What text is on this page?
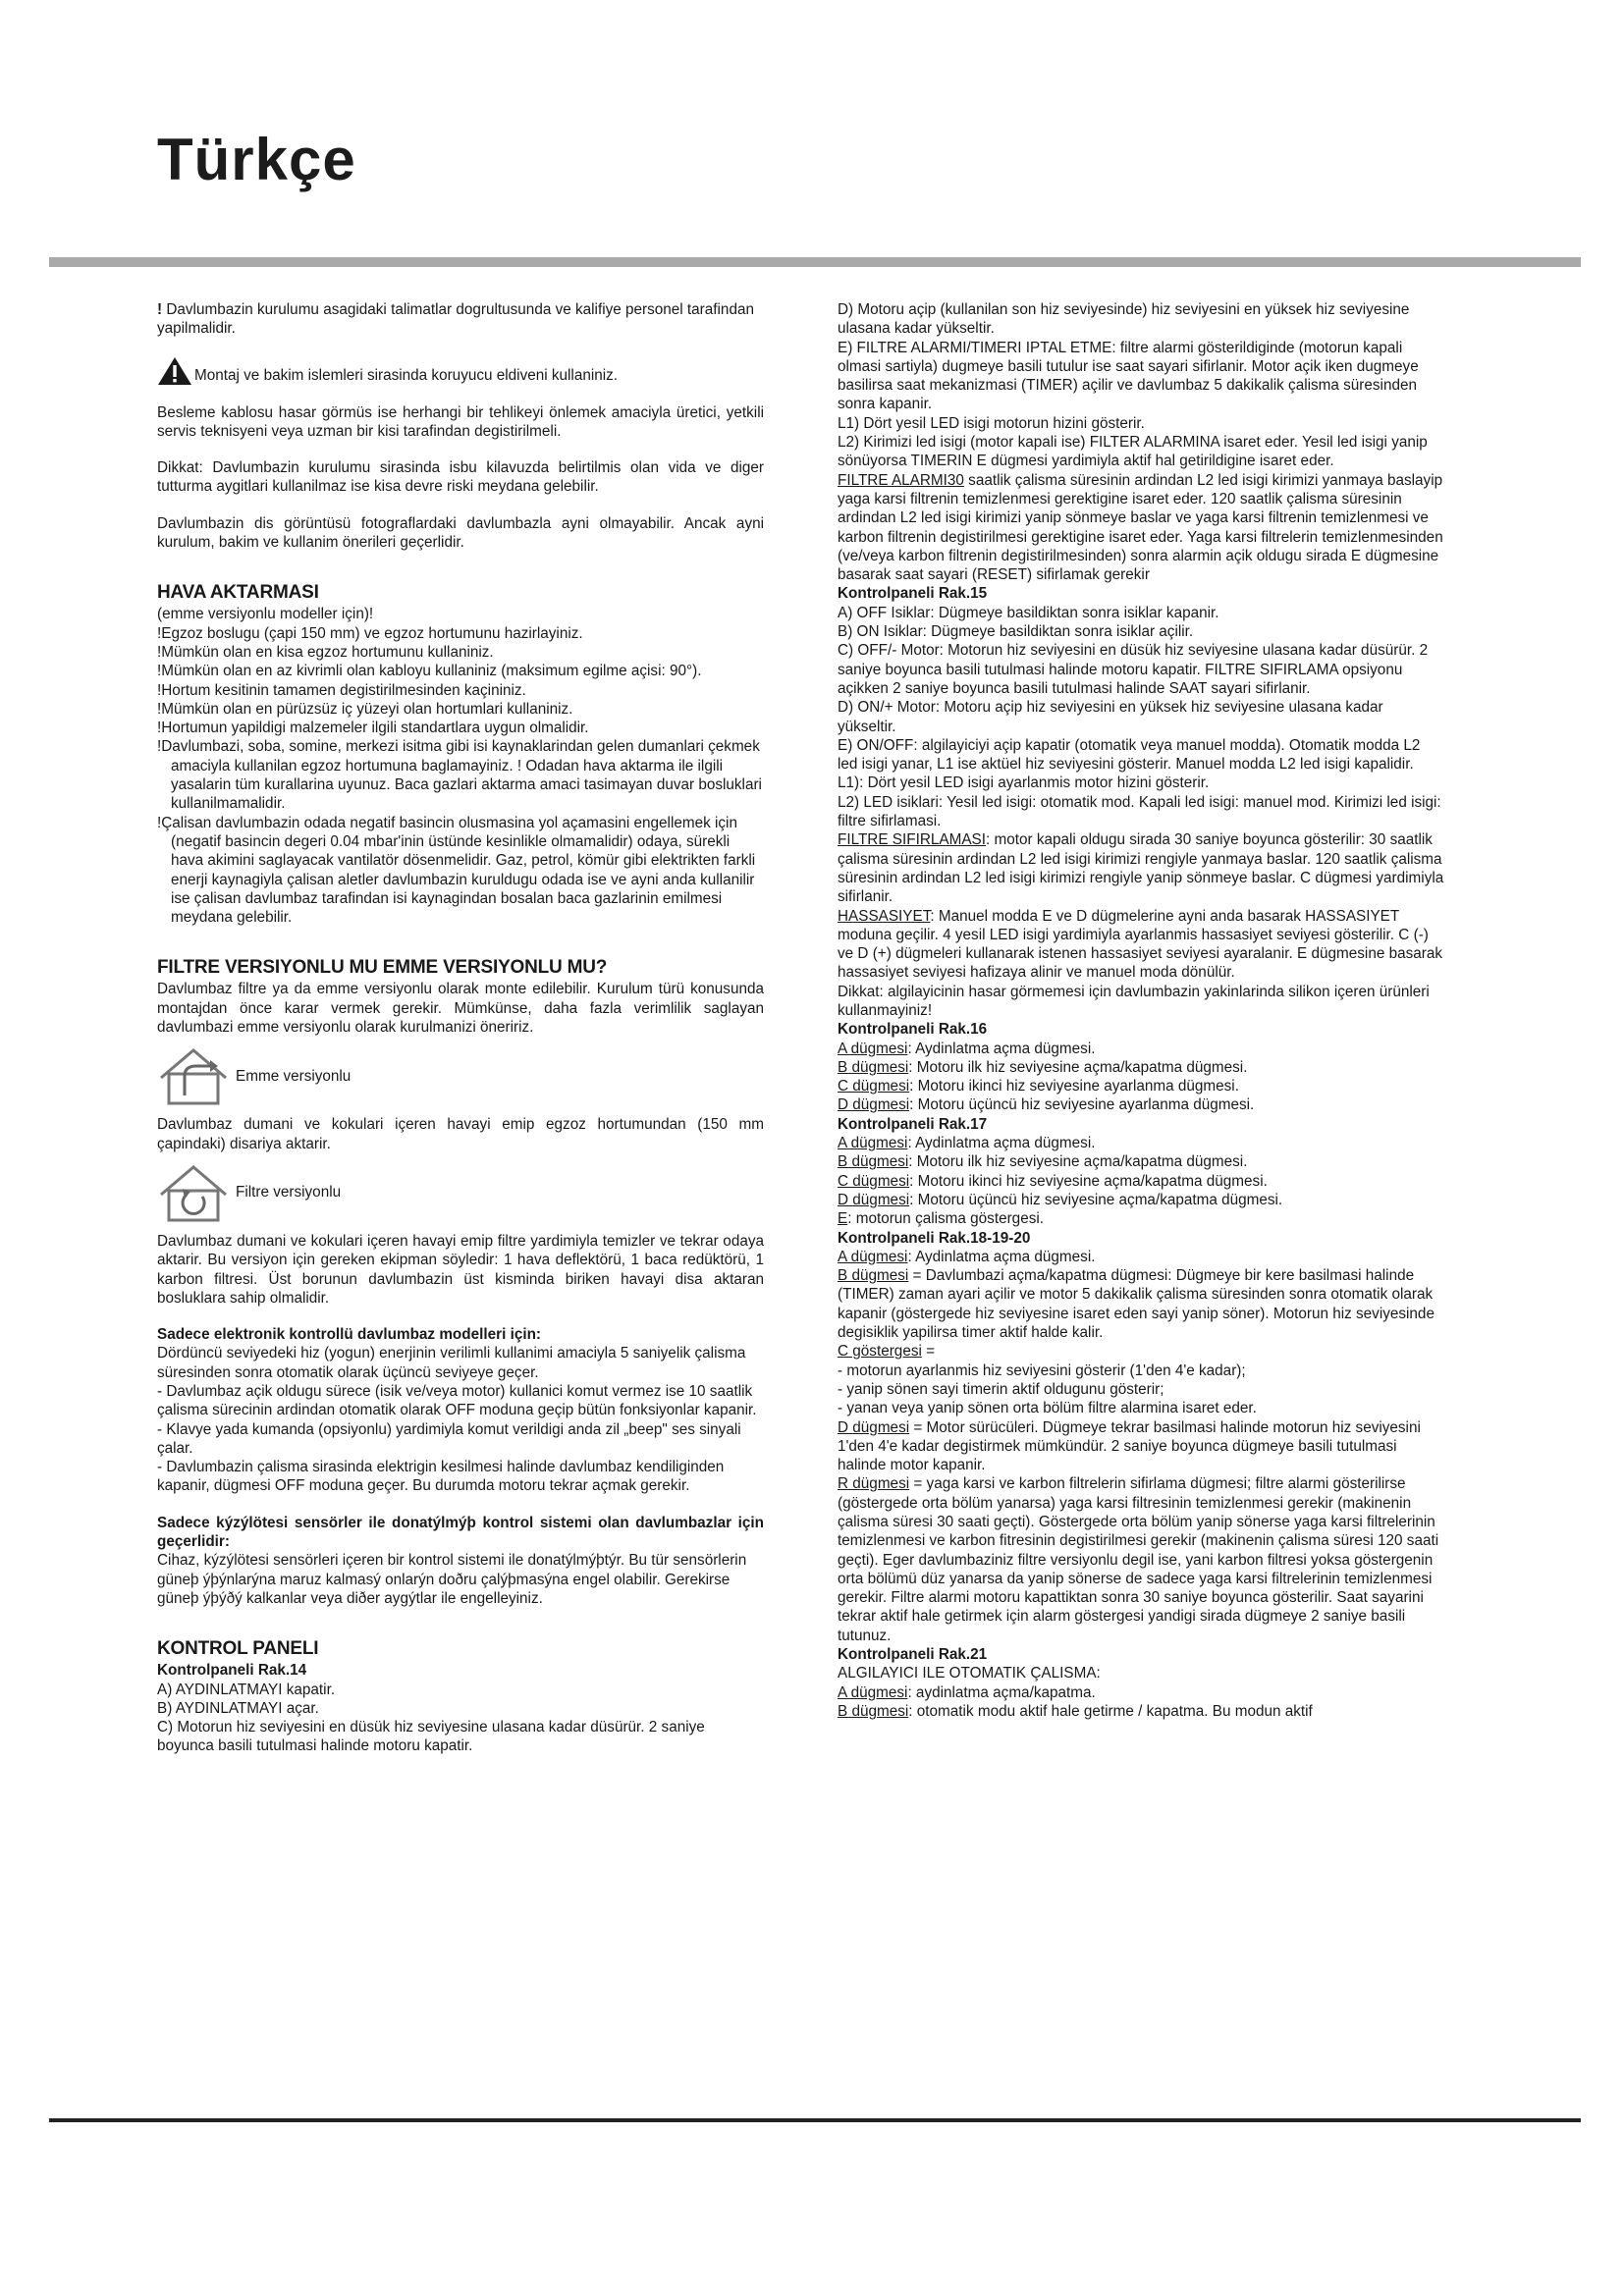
Türkçe

! Davlumbazin kurulumu asagidaki talimatlar dogrultusunda ve kalifiye personel tarafindan yapilmalidir.

Montaj ve bakim islemleri sirasinda koruyucu eldiveni kullaniniz.

Besleme kablosu hasar görmüs ise herhangi bir tehlikeyi önlemek amaciyla üretici, yetkili servis teknisyeni veya uzman bir kisi tarafindan degistirilmeli.

Dikkat: Davlumbazin kurulumu sirasinda isbu kilavuzda belirtilmis olan vida ve diger tutturma aygitlari kullanilmaz ise kisa devre riski meydana gelebilir.

Davlumbazin dis görüntüsü fotograflardaki davlumbazla ayni olmayabilir. Ancak ayni kurulum, bakim ve kullanim önerileri geçerlidir.

HAVA AKTARMASI

(emme versiyonlu modeller için)!

!Egzoz boslugu (çapi 150 mm) ve egzoz hortumunu hazirlayiniz.

!Mümkün olan en kisa egzoz hortumunu kullaniniz.

!Mümkün olan en az kivrimli olan kabloyu kullaniniz (maksimum egilme açisi: 90°).

!Hortum kesitinin tamamen degistirilmesinden kaçininiz.

!Mümkün olan en pürüzsüz iç yüzeyi olan hortumlari kullaniniz.

!Hortumun yapildigi malzemeler ilgili standartlara uygun olmalidir.

!Davlumbazi, soba, somine, merkezi isitma gibi isi kaynaklarindan gelen dumanlari çekmek amaciyla kullanilan egzoz hortumuna baglamayiniz. ! Odadan hava aktarma ile ilgili yasalarin tüm kurallarina uyunuz. Baca gazlari aktarma amaci tasimayan duvar bosluklari kullanilmamalidir.

!Çalisan davlumbazin odada negatif basincin olusmasina yol açamasini engellemek için (negatif basincin degeri 0.04 mbar'inin üstünde kesinlikle olmamalidir) odaya, sürekli hava akimini saglayacak vantilatör dösenmelidir. Gaz, petrol, kömür gibi elektrikten farkli enerji kaynagiyla çalisan aletler davlumbazin kuruldugu odada ise ve ayni anda kullanilir ise çalisan davlumbaz tarafindan isi kaynagindan bosalan baca gazlarinin emilmesi meydana gelebilir.

FILTRE VERSIYONLU MU EMME VERSIYONLU MU?

Davlumbaz filtre ya da emme versiyonlu olarak monte edilebilir. Kurulum türü konusunda montajdan önce karar vermek gerekir. Mümkünse, daha fazla verimlilik saglayan davlumbazi emme versiyonlu olarak kurulmanizi öneririz.

Emme versiyonlu

Davlumbaz dumani ve kokulari içeren havayi emip egzoz hortumundan (150 mm çapindaki) disariya aktarir.

Filtre versiyonlu

Davlumbaz dumani ve kokulari içeren havayi emip filtre yardimiyla temizler ve tekrar odaya aktarir. Bu versiyon için gereken ekipman söyledir: 1 hava deflektörü, 1 baca redüktörü, 1 karbon filtresi. Üst borunun davlumbazin üst kisminda biriken havayi disa aktaran bosluklara sahip olmalidir.

Sadece elektronik kontrollü davlumbaz modelleri için:

Dördüncü seviyedeki hiz (yogun) enerjinin verilimli kullanimi amaciyla 5 saniyelik çalisma süresinden sonra otomatik olarak üçüncü seviyeye geçer.

- Davlumbaz açik oldugu sürece (isik ve/veya motor) kullanici komut vermez ise 10 saatlik çalisma sürecinin ardindan otomatik olarak OFF moduna geçip bütün fonksiyonlar kapanir.

- Klavye yada kumanda (opsiyonlu) yardimiyla komut verildigi anda zil „beep" ses sinyali çalar.

- Davlumbazin çalisma sirasinda elektrigin kesilmesi halinde davlumbaz kendiliginden kapanir, dügmesi OFF moduna geçer. Bu durumda motoru tekrar açmak gerekir.

Sadece kýzýlötesi sensörler ile donatýlmýþ kontrol sistemi olan davlumbazlar için geçerlidir:

Cihaz, kýzýlötesi sensörleri içeren bir kontrol sistemi ile donatýlmýþtýr. Bu tür sensörlerin güneþ ýþýnlarýna maruz kalmasý onlarýn doðru çalýþmasýna engel olabilir. Gerekirse güneþ ýþýðý kalkanlar veya diðer aygýtlar ile engelleyiniz.

KONTROL PANELI

Kontrolpaneli Rak.14

A) AYDINLATMAYI kapatir.

B) AYDINLATMAYI açar.

C) Motorun hiz seviyesini en düsük hiz seviyesine ulasana kadar düsürür. 2 saniye boyunca basili tutulmasi halinde motoru kapatir.

D) Motoru açip (kullanilan son hiz seviyesinde) hiz seviyesini en yüksek hiz seviyesine ulasana kadar yükseltir.

E) FILTRE ALARMI/TIMERI IPTAL ETME: filtre alarmi gösterildiginde (motorun kapali olmasi sartiyla) dugmeye basili tutulur ise saat sayari sifirlanir. Motor açik iken dugmeye basilirsa saat mekanizmasi (TIMER) açilir ve davlumbaz 5 dakikalik çalisma süresinden sonra kapanir.

L1) Dört yesil LED isigi motorun hizini gösterir.

L2) Kirimizi led isigi (motor kapali ise) FILTER ALARMINA isaret eder. Yesil led isigi yanip sönüyorsa TIMERIN E dügmesi yardimiyla aktif hal getirildigine isaret eder.

FILTRE ALARMI30 saatlik çalisma süresinin ardindan L2 led isigi kirimizi yanmaya baslayip yaga karsi filtrenin temizlenmesi gerektigine isaret eder. 120 saatlik çalisma süresinin ardindan L2 led isigi kirimizi yanip sönmeye baslar ve yaga karsi filtrenin temizlenmesi ve karbon filtrenin degistirilmesi gerektigine isaret eder. Yaga karsi filtrelerin temizlenmesinden (ve/veya karbon filtrenin degistirilmesinden) sonra alarmin açik oldugu sirada E dügmesine basarak saat sayari (RESET) sifirlamak gerekir

Kontrolpaneli Rak.15

A) OFF Isiklar: Dügmeye basildiktan sonra isiklar kapanir.

B) ON Isiklar: Dügmeye basildiktan sonra isiklar açilir.

C) OFF/- Motor: Motorun hiz seviyesini en düsük hiz seviyesine ulasana kadar düsürür. 2 saniye boyunca basili tutulmasi halinde motoru kapatir. FILTRE SIFIRLAMA opsiyonu açikken 2 saniye boyunca basili tutulmasi halinde SAAT sayari sifirlanir.

D) ON/+ Motor: Motoru açip hiz seviyesini en yüksek hiz seviyesine ulasana kadar yükseltir.

E) ON/OFF: algilayiciyi açip kapatir (otomatik veya manuel modda). Otomatik modda L2 led isigi yanar, L1 ise aktüel hiz seviyesini gösterir. Manuel modda L2 led isigi kapalidir.

L1): Dört yesil LED isigi ayarlanmis motor hizini gösterir.

L2) LED isiklari: Yesil led isigi: otomatik mod. Kapali led isigi: manuel mod. Kirimizi led isigi: filtre sifirlamasi.

FILTRE SIFIRLAMASI: motor kapali oldugu sirada 30 saniye boyunca gösterilir: 30 saatlik çalisma süresinin ardindan L2 led isigi kirimizi rengiyle yanmaya baslar. 120 saatlik çalisma süresinin ardindan L2 led isigi kirimizi rengiyle yanip sönmeye baslar. C dügmesi yardimiyla sifirlanir.

HASSASIYET: Manuel modda E ve D dügmelerine ayni anda basarak HASSASIYET moduna geçilir. 4 yesil LED isigi yardimiyla ayarlanmis hassasiyet seviyesi gösterilir. C (-) ve D (+) dügmeleri kullanarak istenen hassasiyet seviyesi ayaralanir. E dügmesine basarak hassasiyet seviyesi hafizaya alinir ve manuel moda dönülür.

Dikkat: algilayicinin hasar görmemesi için davlumbazin yakinlarinda silikon içeren ürünleri kullanmayiniz!

Kontrolpaneli Rak.16

A dügmesi: Aydinlatma açma dügmesi.

B dügmesi: Motoru ilk hiz seviyesine açma/kapatma dügmesi.

C dügmesi: Motoru ikinci hiz seviyesine ayarlanma dügmesi.

D dügmesi: Motoru üçüncü hiz seviyesine ayarlanma dügmesi.

Kontrolpaneli Rak.17

A dügmesi: Aydinlatma açma dügmesi.

B dügmesi: Motoru ilk hiz seviyesine açma/kapatma dügmesi.

C dügmesi: Motoru ikinci hiz seviyesine açma/kapatma dügmesi.

D dügmesi: Motoru üçüncü hiz seviyesine açma/kapatma dügmesi.

E: motorun çalisma göstergesi.

Kontrolpaneli Rak.18-19-20

A dügmesi: Aydinlatma açma dügmesi.

B dügmesi = Davlumbazi açma/kapatma dügmesi: Dügmeye bir kere basilmasi halinde (TIMER) zaman ayari açilir ve motor 5 dakikalik çalisma süresinden sonra otomatik olarak kapanir (göstergede hiz seviyesine isaret eden sayi yanip söner). Motorun hiz seviyesinde degisiklik yapilirsa timer aktif halde kalir.

C göstergesi =

- motorun ayarlanmis hiz seviyesini gösterir (1'den 4'e kadar);

- yanip sönen sayi timerin aktif oldugunu gösterir;

- yanan veya yanip sönen orta bölüm filtre alarmina isaret eder.

D dügmesi = Motor sürücüleri. Dügmeye tekrar basilmasi halinde motorun hiz seviyesini 1'den 4'e kadar degistirmek mümkündür. 2 saniye boyunca dügmeye basili tutulmasi halinde motor kapanir.

R dügmesi = yaga karsi ve karbon filtrelerin sifirlama dügmesi; filtre alarmi gösterilirse (göstergede orta bölüm yanarsa) yaga karsi filtresinin temizlenmesi gerekir (makinenin çalisma süresi 30 saati geçti). Göstergede orta bölüm yanip sönerse yaga karsi filtrelerinin temizlenmesi ve karbon fitresinin degistirilmesi gerekir (makinenin çalisma süresi 120 saati geçti). Eger davlumbaziniz filtre versiyonlu degil ise, yani karbon filtresi yoksa göstergenin orta bölümü düz yanarsa da yanip sönerse de sadece yaga karsi filtrelerinin temizlenmesi gerekir. Filtre alarmi motoru kapattiktan sonra 30 saniye boyunca gösterilir. Saat sayarini tekrar aktif hale getirmek için alarm göstergesi yandigi sirada dügmeye 2 saniye basili tutunuz.

Kontrolpaneli Rak.21

ALGILAYICI ILE OTOMATIK ÇALISMA:

A dügmesi: aydinlatma açma/kapatma.

B dügmesi: otomatik modu aktif hale getirme / kapatma. Bu modun aktif
